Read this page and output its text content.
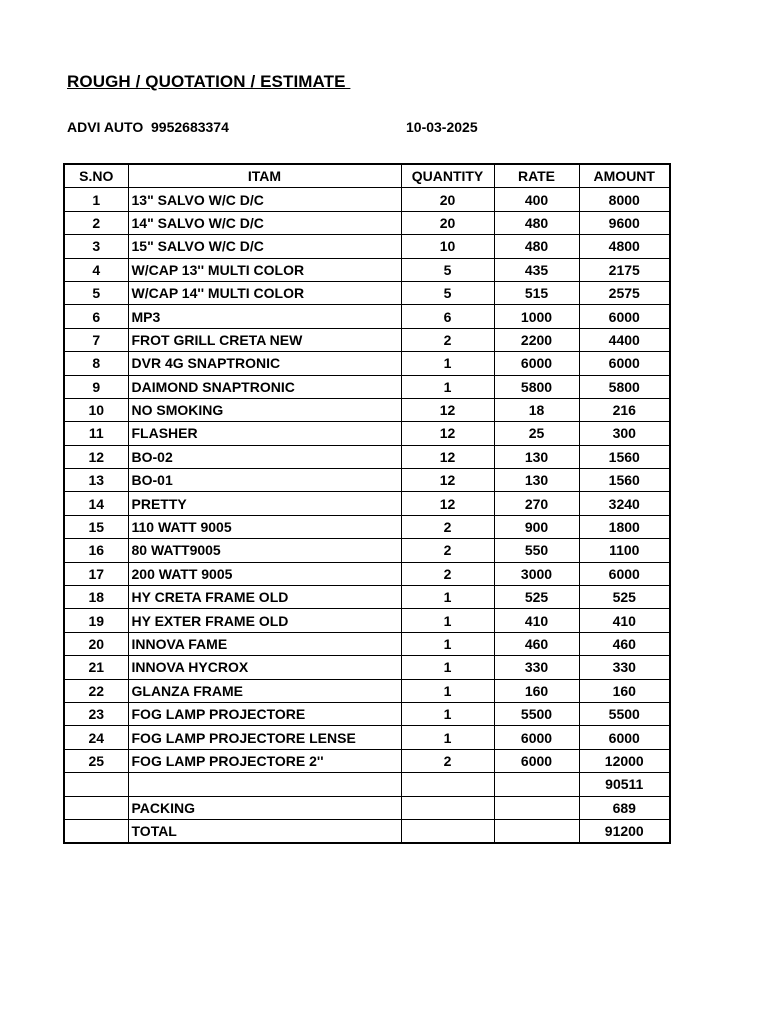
ROUGH / QUOTATION / ESTIMATE
ADVI AUTO  9952683374	10-03-2025
S.NO	ITAM	QUANTITY	RATE	AMOUNT
1	13" SALVO W/C D/C	20	400	8000
2	14" SALVO W/C D/C	20	480	9600
3	15" SALVO W/C D/C	10	480	4800
4	W/CAP 13'' MULTI COLOR	5	435	2175
5	W/CAP 14'' MULTI COLOR	5	515	2575
6	MP3	6	1000	6000
7	FROT GRILL CRETA NEW	2	2200	4400
8	DVR 4G SNAPTRONIC	1	6000	6000
9	DAIMOND SNAPTRONIC	1	5800	5800
10	NO SMOKING	12	18	216
11	FLASHER	12	25	300
12	BO-02	12	130	1560
13	BO-01	12	130	1560
14	PRETTY	12	270	3240
15	110 WATT 9005	2	900	1800
16	80 WATT9005	2	550	1100
17	200 WATT 9005	2	3000	6000
18	HY CRETA FRAME OLD	1	525	525
19	HY EXTER FRAME OLD	1	410	410
20	INNOVA FAME	1	460	460
21	INNOVA HYCROX	1	330	330
22	GLANZA FRAME	1	160	160
23	FOG LAMP PROJECTORE	1	5500	5500
24	FOG LAMP PROJECTORE LENSE	1	6000	6000
25	FOG LAMP PROJECTORE 2''	2	6000	12000
				90511
	PACKING			689
	TOTAL			91200
